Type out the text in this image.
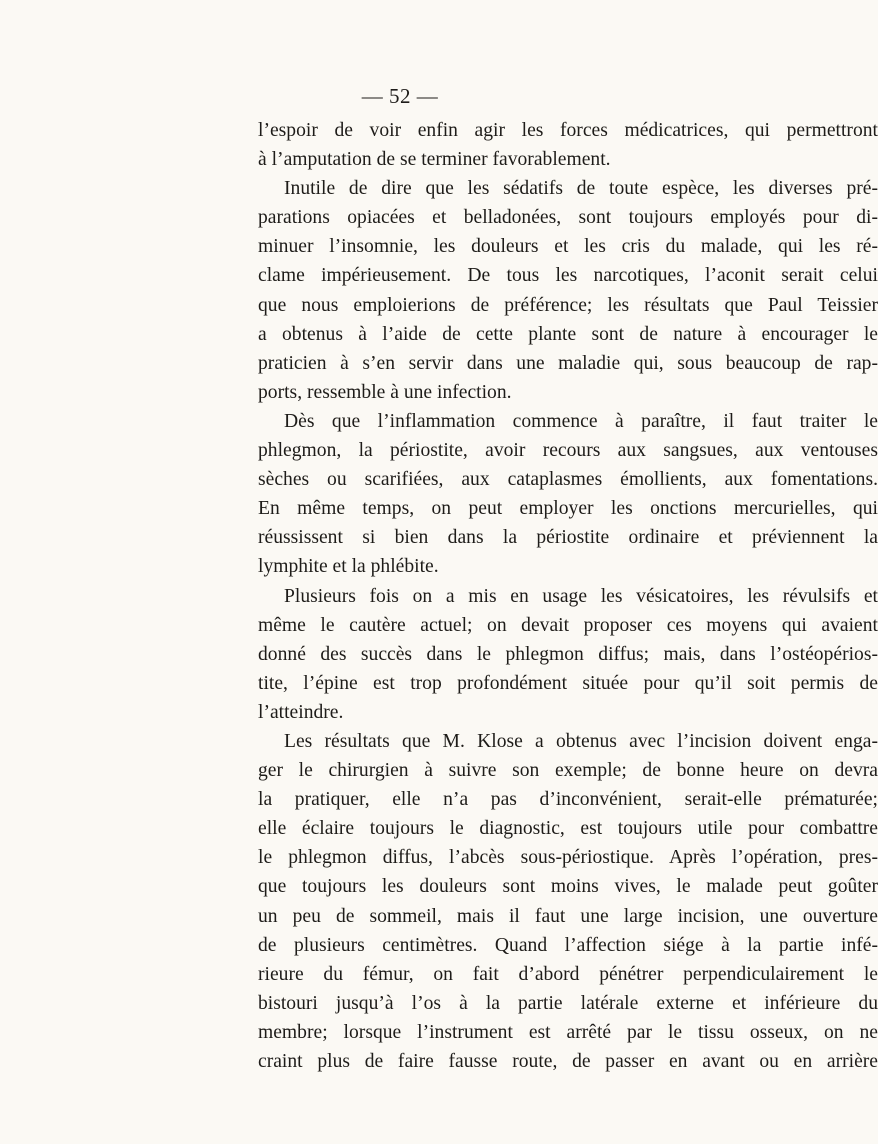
— 52 —
l’espoir de voir enfin agir les forces médicatrices, qui permettront
à l’amputation de se terminer favorablement.
Inutile de dire que les sédatifs de toute espèce, les diverses pré-
parations opiacées et belladonées, sont toujours employés pour di-
minuer l’insomnie, les douleurs et les cris du malade, qui les ré-
clame impérieusement. De tous les narcotiques, l’aconit serait celui
que nous emploierions de préférence; les résultats que Paul Teissier
a obtenus à l’aide de cette plante sont de nature à encourager le
praticien à s’en servir dans une maladie qui, sous beaucoup de rap-
ports, ressemble à une infection.
Dès que l’inflammation commence à paraître, il faut traiter le
phlegmon, la périostite, avoir recours aux sangsues, aux ventouses
sèches ou scarifiées, aux cataplasmes émollients, aux fomentations.
En même temps, on peut employer les onctions mercurielles, qui
réussissent si bien dans la périostite ordinaire et préviennent la
lymphite et la phlébite.
Plusieurs fois on a mis en usage les vésicatoires, les révulsifs et
même le cautère actuel; on devait proposer ces moyens qui avaient
donné des succès dans le phlegmon diffus; mais, dans l’ostéopérios-
tite, l’épine est trop profondément située pour qu’il soit permis de
l’atteindre.
Les résultats que M. Klose a obtenus avec l’incision doivent enga-
ger le chirurgien à suivre son exemple; de bonne heure on devra
la pratiquer, elle n’a pas d’inconvénient, serait-elle prématurée;
elle éclaire toujours le diagnostic, est toujours utile pour combattre
le phlegmon diffus, l’abcès sous-périostique. Après l’opération, pres-
que toujours les douleurs sont moins vives, le malade peut goûter
un peu de sommeil, mais il faut une large incision, une ouverture
de plusieurs centimètres. Quand l’affection siége à la partie infé-
rieure du fémur, on fait d’abord pénétrer perpendiculairement le
bistouri jusqu’à l’os à la partie latérale externe et inférieure du
membre; lorsque l’instrument est arrêté par le tissu osseux, on ne
craint plus de faire fausse route, de passer en avant ou en arrière
